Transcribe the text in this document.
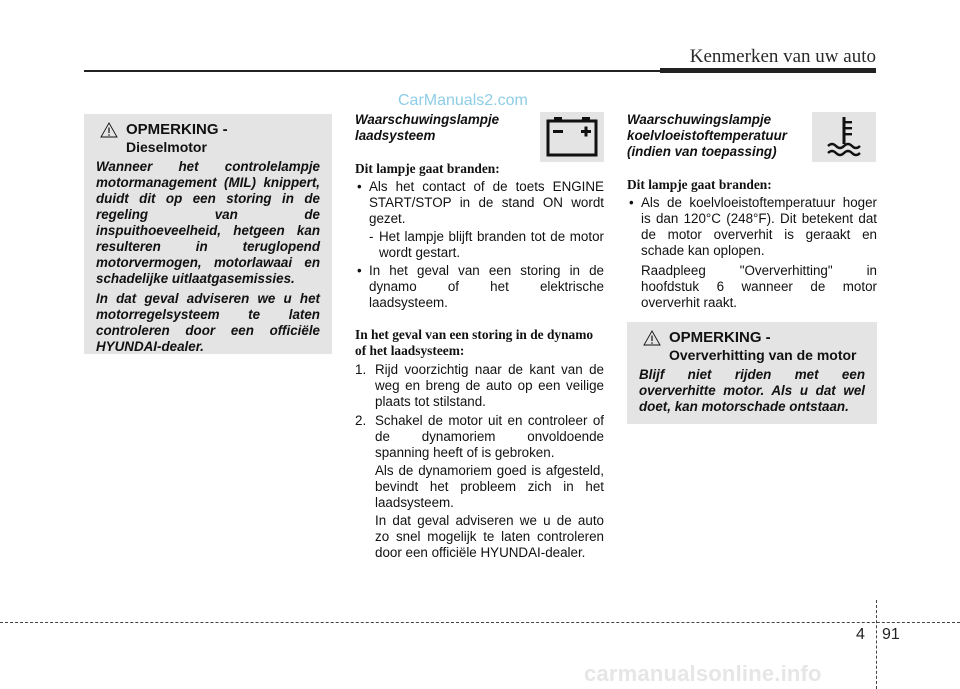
Kenmerken van uw auto
CarManuals2.com
OPMERKING -
Dieselmotor

Wanneer het controlelampje motormanagement (MIL) knippert, duidt dit op een storing in de regeling van de inspuithoeveelheid, hetgeen kan resulteren in teruglopend motorvermogen, motorlawaai en schadelijke uitlaatgasemissies.

In dat geval adviseren we u het motorregelsysteem te laten controleren door een officiële HYUNDAI-dealer.

Waarschuwingslampje
laadsysteem
Dit lampje gaat branden:

• Als het contact of de toets ENGINE START/STOP in de stand ON wordt gezet.

- Het lampje blijft branden tot de motor wordt gestart.

• In het geval van een storing in de dynamo of het elektrische laadsysteem.

In het geval van een storing in de dynamo of het laadsysteem:

1. Rijd voorzichtig naar de kant van de weg en breng de auto op een veilige plaats tot stilstand.

2. Schakel de motor uit en controleer of de dynamoriem onvoldoende spanning heeft of is gebroken.

Als de dynamoriem goed is afgesteld, bevindt het probleem zich in het laadsysteem.

In dat geval adviseren we u de auto zo snel mogelijk te laten controleren door een officiële HYUNDAI-dealer.

Waarschuwingslampje
koelvloeistoftemperatuur
(indien van toepassing)
Dit lampje gaat branden:

• Als de koelvloeistoftemperatuur hoger is dan 120°C (248°F). Dit betekent dat de motor oververhit is geraakt en schade kan oplopen.

Raadpleeg "Oververhitting" in hoofdstuk 6 wanneer de motor oververhit raakt.

OPMERKING -
Oververhitting van de motor

Blijf niet rijden met een oververhitte motor. Als u dat wel doet, kan motorschade ontstaan.

4 91
carmanualsonline.info
